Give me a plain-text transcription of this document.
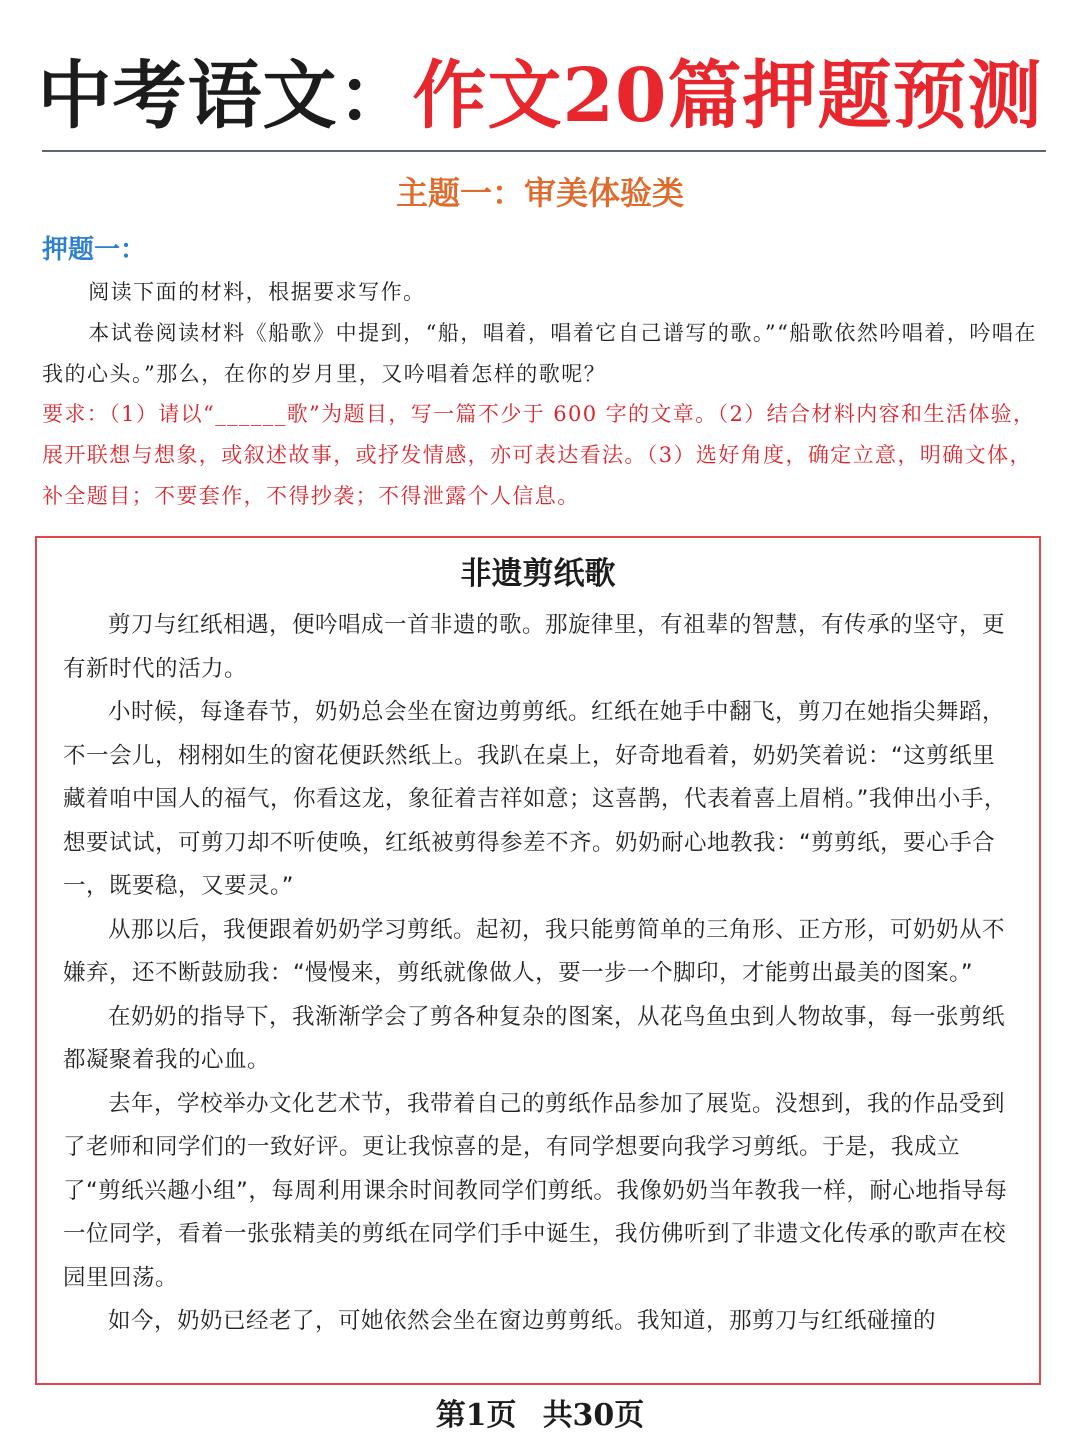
中考语文：作文20篇押题预测
主题一：审美体验类
押题一：

阅读下面的材料，根据要求写作。

本试卷阅读材料《船歌》中提到，“船，唱着，唱着它自己谱写的歌。”“船歌依然吟唱着，吟唱在我的心头。”那么，在你的岁月里，又吟唱着怎样的歌呢？

要求：（1）请以“______歌”为题目，写一篇不少于 600 字的文章。（2）结合材料内容和生活体验，展开联想与想象，或叙述故事，或抒发情感，亦可表达看法。（3）选好角度，确定立意，明确文体，补全题目；不要套作，不得抄袭；不得泄露个人信息。
非遗剪纸歌

剪刀与红纸相遇，便吟唱成一首非遗的歌。那旋律里，有祖辈的智慧，有传承的坚守，更有新时代的活力。

小时候，每逢春节，奶奶总会坐在窗边剪剪纸。红纸在她手中翻飞，剪刀在她指尖舞蹈， 不一会儿，栩栩如生的窗花便跃然纸上。我趴在桌上，好奇地看着，奶奶笑着说：“这剪纸里藏着咱中国人的福气，你看这龙，象征着吉祥如意；这喜鹊，代表着喜上眉梢。”我伸出小手，想要试试，可剪刀却不听使唤，红纸被剪得参差不齐。奶奶耐心地教我：“剪剪纸，要心手合一，既要稳，又要灵。”

从那以后，我便跟着奶奶学习剪纸。起初，我只能剪简单的三角形、正方形，可奶奶从不嫌弃，还不断鼓励我：“慢慢来，剪纸就像做人，要一步一个脚印，才能剪出最美的图案。”

在奶奶的指导下，我渐渐学会了剪各种复杂的图案，从花鸟鱼虫到人物故事，每一张剪纸都凝聚着我的心血。

去年，学校举办文化艺术节，我带着自己的剪纸作品参加了展览。没想到，我的作品受到了老师和同学们的一致好评。更让我惊喜的是，有同学想要向我学习剪纸。于是，我成立了“剪纸兴趣小组”，每周利用课余时间教同学们剪纸。我像奶奶当年教我一样，耐心地指导每一位同学，看着一张张精美的剪纸在同学们手中诞生，我仿佛听到了非遗文化传承的歌声在校园里回荡。

如今，奶奶已经老了，可她依然会坐在窗边剪剪纸。我知道，那剪刀与红纸碰撞的

第1页 共30页
